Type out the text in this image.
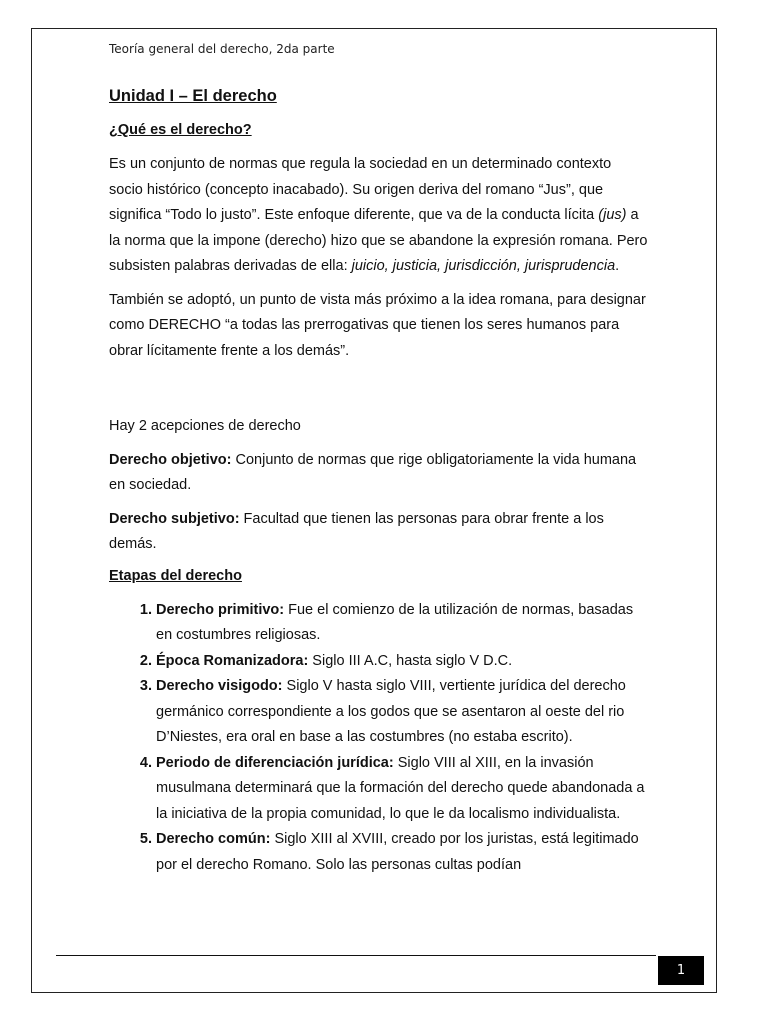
Teoría general del derecho, 2da parte
Unidad I – El derecho
¿Qué es el derecho?

Es un conjunto de normas que regula la sociedad en un determinado contexto socio histórico (concepto inacabado). Su origen deriva del romano “Jus”, que significa “Todo lo justo”. Este enfoque diferente, que va de la conducta lícita (jus) a la norma que la impone (derecho) hizo que se abandone la expresión romana. Pero subsisten palabras derivadas de ella: juicio, justicia, jurisdicción, jurisprudencia.

También se adoptó, un punto de vista más próximo a la idea romana, para designar como DERECHO “a todas las prerrogativas que tienen los seres humanos para obrar lícitamente frente a los demás”.

Hay 2 acepciones de derecho

Derecho objetivo: Conjunto de normas que rige obligatoriamente la vida humana en sociedad.

Derecho subjetivo: Facultad que tienen las personas para obrar frente a los demás.

Etapas del derecho
1. Derecho primitivo: Fue el comienzo de la utilización de normas, basadas en costumbres religiosas.
2. Época Romanizadora: Siglo III A.C, hasta siglo V D.C.
3. Derecho visigodo: Siglo V hasta siglo VIII, vertiente jurídica del derecho germánico correspondiente a los godos que se asentaron al oeste del rio D’Niestes, era oral en base a las costumbres (no estaba escrito).
4. Periodo de diferenciación jurídica: Siglo VIII al XIII, en la invasión musulmana determinará que la formación del derecho quede abandonada a la iniciativa de la propia comunidad, lo que le da localismo individualista.
5. Derecho común: Siglo XIII al XVIII, creado por los juristas, está legitimado por el derecho Romano. Solo las personas cultas podían
1
